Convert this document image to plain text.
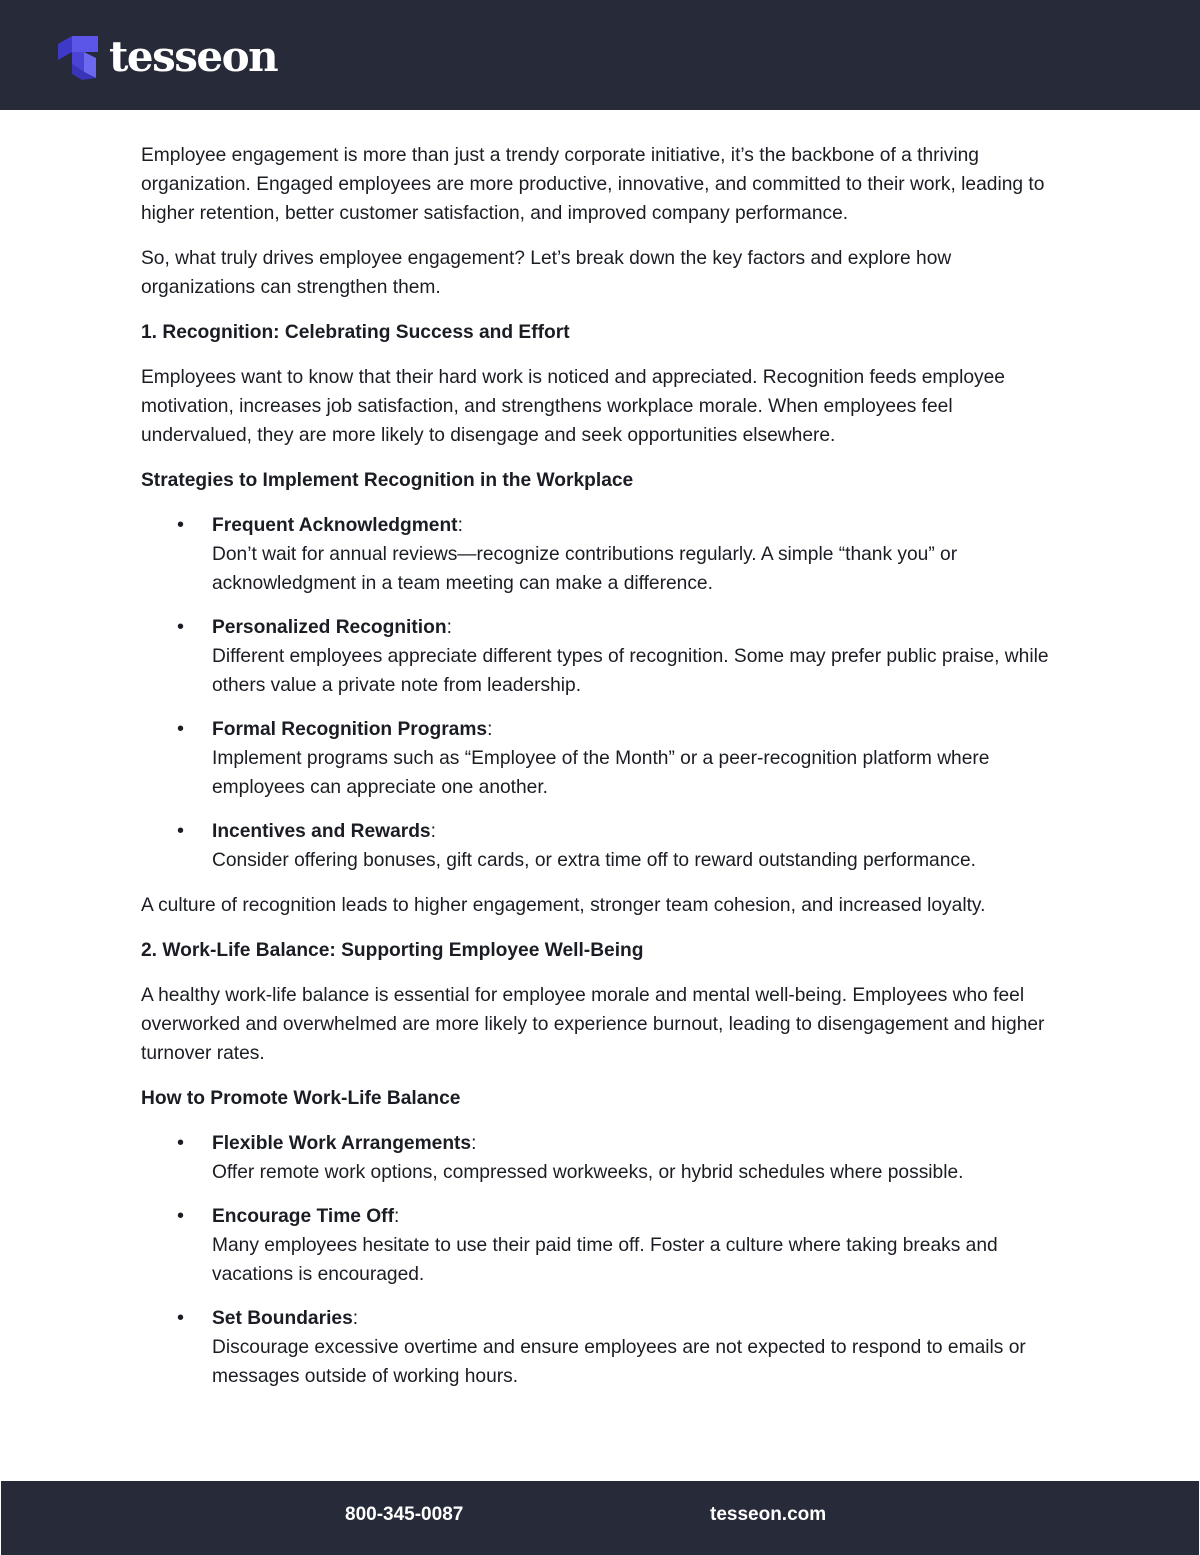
tesseon

Employee engagement is more than just a trendy corporate initiative, it’s the backbone of a thriving organization. Engaged employees are more productive, innovative, and committed to their work, leading to higher retention, better customer satisfaction, and improved company performance.

So, what truly drives employee engagement? Let’s break down the key factors and explore how organizations can strengthen them.

1. Recognition: Celebrating Success and Effort

Employees want to know that their hard work is noticed and appreciated. Recognition feeds employee motivation, increases job satisfaction, and strengthens workplace morale. When employees feel undervalued, they are more likely to disengage and seek opportunities elsewhere.

Strategies to Implement Recognition in the Workplace
• Frequent Acknowledgment:
Don’t wait for annual reviews—recognize contributions regularly. A simple “thank you” or acknowledgment in a team meeting can make a difference.
• Personalized Recognition:
Different employees appreciate different types of recognition. Some may prefer public praise, while others value a private note from leadership.
• Formal Recognition Programs:
Implement programs such as “Employee of the Month” or a peer-recognition platform where employees can appreciate one another.
• Incentives and Rewards:
Consider offering bonuses, gift cards, or extra time off to reward outstanding performance.

A culture of recognition leads to higher engagement, stronger team cohesion, and increased loyalty.

2. Work-Life Balance: Supporting Employee Well-Being

A healthy work-life balance is essential for employee morale and mental well-being. Employees who feel overworked and overwhelmed are more likely to experience burnout, leading to disengagement and higher turnover rates.

How to Promote Work-Life Balance
• Flexible Work Arrangements:
Offer remote work options, compressed workweeks, or hybrid schedules where possible.
• Encourage Time Off:
Many employees hesitate to use their paid time off. Foster a culture where taking breaks and vacations is encouraged.
• Set Boundaries:
Discourage excessive overtime and ensure employees are not expected to respond to emails or messages outside of working hours.
800-345-0087	tesseon.com
